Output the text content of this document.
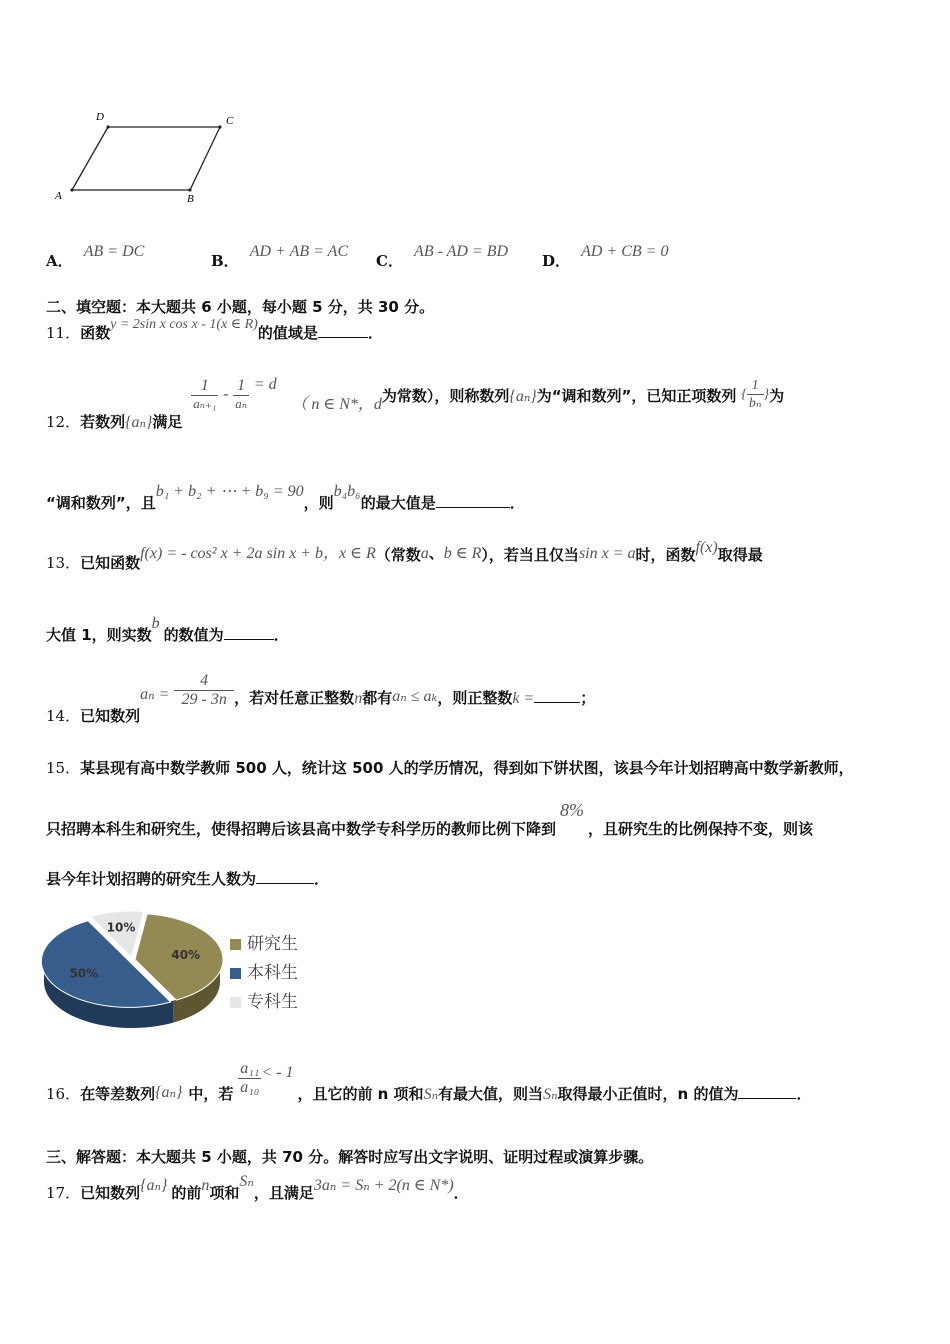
D	C
A	B
A． AB = DC
B． AD + AB = AC
C． AB - AD = BD
D． AD + CB = 0
二、填空题：本大题共 6 小题，每小题 5 分，共 30 分。
11．函数y = 2sin x cos x - 1(x ∈ R)的值域是	．
12．若数列{aₙ}满足
$\frac{1}{\text{aₙ₊₁}} - \frac{1}{\text{aₙ}} = d$ （ n ∈ N*，d为常数），则称数列{aₙ}为“调和数列”，已知正项数列 { $\frac{1}{\text{bₙ}}$ }为
“调和数列”，且b₁ + b₂ + ⋯ + b₉ = 90，则b₄b₆的最大值是	．
13．已知函数f(x) = - cos² x + 2a sin x + b，x ∈ R（常数a、b ∈ R），若当且仅当sin x = a时，函数f(x)取得最
大值 1，则实数b的数值为	．
14．已知数列$a_n = \frac{4}{29 - 3n}$ ，若对任意正整数n都有aₙ ≤ aₖ，则正整数k =	；
15．某县现有高中数学教师 500 人，统计这 500 人的学历情况，得到如下饼状图，该县今年计划招聘高中数学新教师，
只招聘本科生和研究生，使得招聘后该县高中数学专科学历的教师比例下降到8%，且研究生的比例保持不变，则该
县今年计划招聘的研究生人数为	．
10%
40%
50%
研究生
本科生
专科生
16．在等差数列{aₙ} 中，若 $\frac{\text{a₁₁}}{\text{a₁₀}}$ < - 1，且它的前 n 项和Sₙ有最大值，则当Sₙ取得最小正值时，n 的值为	．
三、解答题：本大题共 5 小题，共 70 分。解答时应写出文字说明、证明过程或演算步骤。
17．已知数列{aₙ} 的前n项和Sₙ，且满足3aₙ = Sₙ + 2(n ∈ N*)．
